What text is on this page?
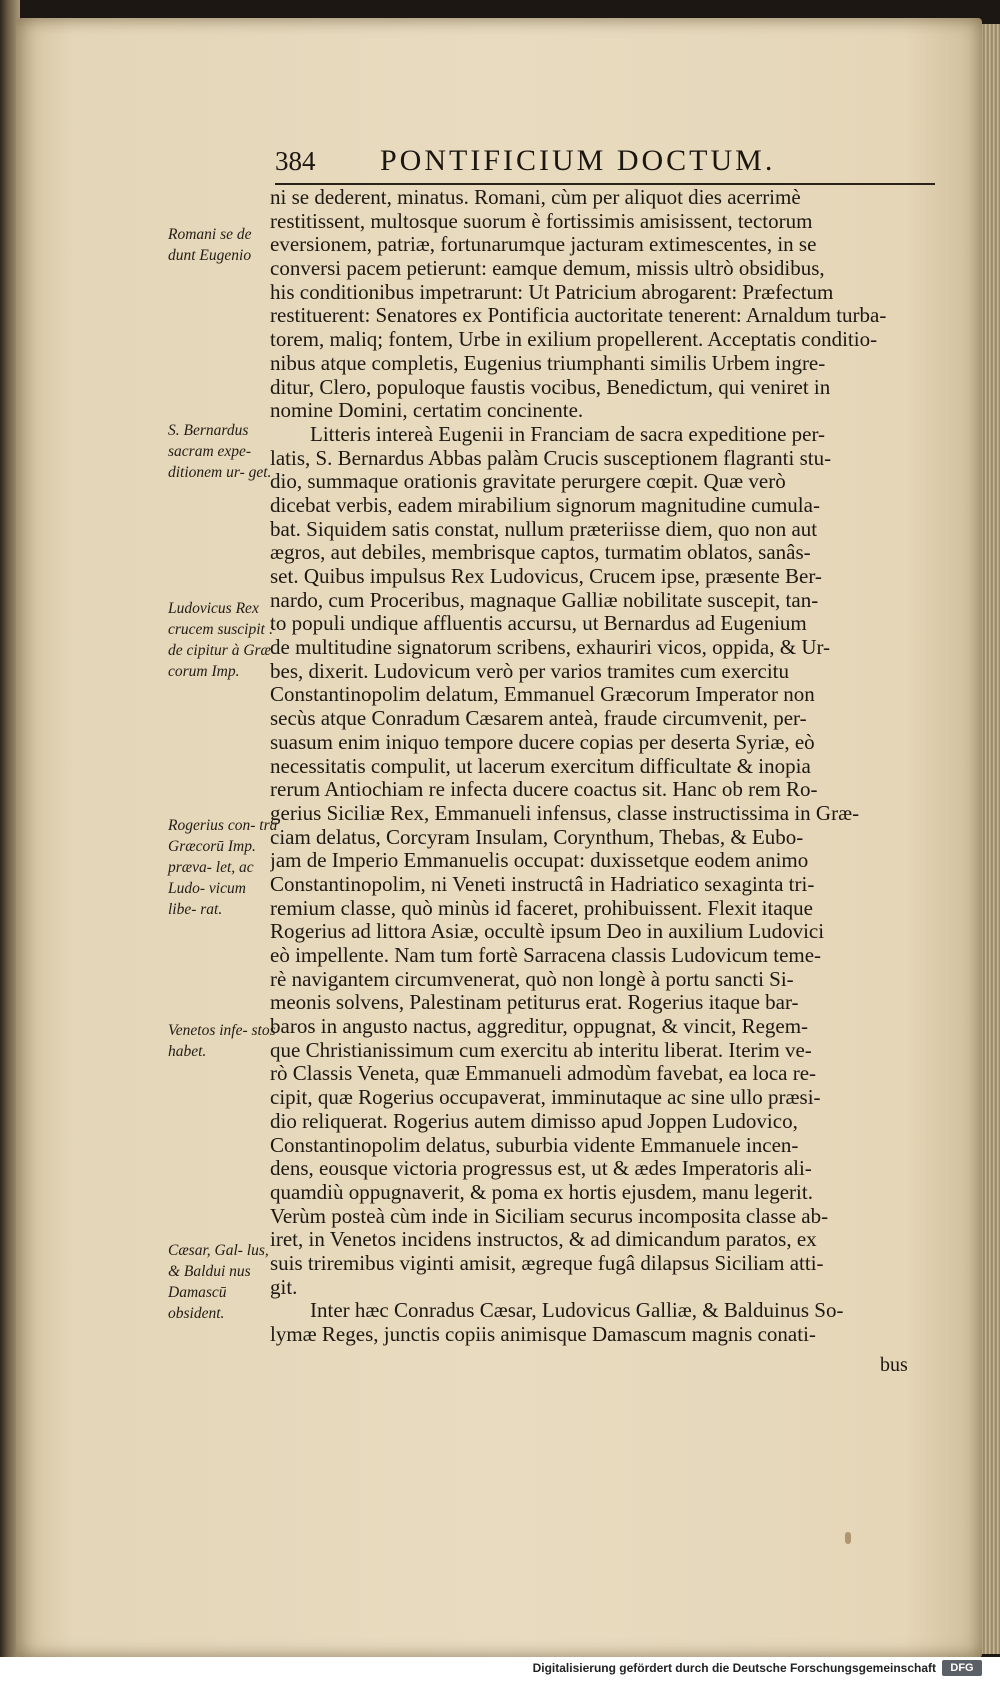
384 PONTIFICIUM DOCTUM.
Romani se de dunt Eugenio
S. Bernardus sacram expe- ditionem ur- get.
Ludovicus Rex crucem suscipit : de cipitur à Græ corum Imp.
Rogerius con- tra Græcorū Imp. præva- let, ac Ludo- vicum libe- rat.
Venetos infe- stos habet.
Cæsar, Gal- lus, & Baldui nus Damascū obsident.
ni se dederent, minatus. Romani, cùm per aliquot dies acerrimè
restitissent, multosque suorum è fortissimis amisissent, tectorum
eversionem, patriæ, fortunarumque jacturam extimescentes, in se
conversi pacem petierunt: eamque demum, missis ultrò obsidibus,
his conditionibus impetrarunt: Ut Patricium abrogarent: Præfectum
restituerent: Senatores ex Pontificia auctoritate tenerent: Arnaldum turba-
torem, maliq; fontem, Urbe in exilium propellerent. Acceptatis conditio-
nibus atque completis, Eugenius triumphanti similis Urbem ingre-
ditur, Clero, populoque faustis vocibus, Benedictum, qui veniret in
nomine Domini, certatim concinente.
Litteris intereà Eugenii in Franciam de sacra expeditione per-
latis, S. Bernardus Abbas palàm Crucis susceptionem flagranti stu-
dio, summaque orationis gravitate perurgere cœpit. Quæ verò
dicebat verbis, eadem mirabilium signorum magnitudine cumula-
bat. Siquidem satis constat, nullum præteriisse diem, quo non aut
ægros, aut debiles, membrisque captos, turmatim oblatos, sanâs-
set. Quibus impulsus Rex Ludovicus, Crucem ipse, præsente Ber-
nardo, cum Proceribus, magnaque Galliæ nobilitate suscepit, tan-
to populi undique affluentis accursu, ut Bernardus ad Eugenium
de multitudine signatorum scribens, exhauriri vicos, oppida, & Ur-
bes, dixerit. Ludovicum verò per varios tramites cum exercitu
Constantinopolim delatum, Emmanuel Græcorum Imperator non
secùs atque Conradum Cæsarem anteà, fraude circumvenit, per-
suasum enim iniquo tempore ducere copias per deserta Syriæ, eò
necessitatis compulit, ut lacerum exercitum difficultate & inopia
rerum Antiochiam re infecta ducere coactus sit. Hanc ob rem Ro-
gerius Siciliæ Rex, Emmanueli infensus, classe instructissima in Græ-
ciam delatus, Corcyram Insulam, Corynthum, Thebas, & Eubo-
jam de Imperio Emmanuelis occupat: duxissetque eodem animo
Constantinopolim, ni Veneti instructâ in Hadriatico sexaginta tri-
remium classe, quò minùs id faceret, prohibuissent. Flexit itaque
Rogerius ad littora Asiæ, occultè ipsum Deo in auxilium Ludovici
eò impellente. Nam tum fortè Sarracena classis Ludovicum teme-
rè navigantem circumvenerat, quò non longè à portu sancti Si-
meonis solvens, Palestinam petiturus erat. Rogerius itaque bar-
baros in angusto nactus, aggreditur, oppugnat, & vincit, Regem-
que Christianissimum cum exercitu ab interitu liberat. Iterim ve-
rò Classis Veneta, quæ Emmanueli admodùm favebat, ea loca re-
cipit, quæ Rogerius occupaverat, imminutaque ac sine ullo præsi-
dio reliquerat. Rogerius autem dimisso apud Joppen Ludovico,
Constantinopolim delatus, suburbia vidente Emmanuele incen-
dens, eousque victoria progressus est, ut & ædes Imperatoris ali-
quamdiù oppugnaverit, & poma ex hortis ejusdem, manu legerit.
Verùm posteà cùm inde in Siciliam securus incomposita classe ab-
iret, in Venetos incidens instructos, & ad dimicandum paratos, ex
suis triremibus viginti amisit, ægreque fugâ dilapsus Siciliam atti-
git.
Inter hæc Conradus Cæsar, Ludovicus Galliæ, & Balduinus So-
lymæ Reges, junctis copiis animisque Damascum magnis conati-
bus
Digitalisierung gefördert durch die Deutsche Forschungsgemeinschaft	DFG
